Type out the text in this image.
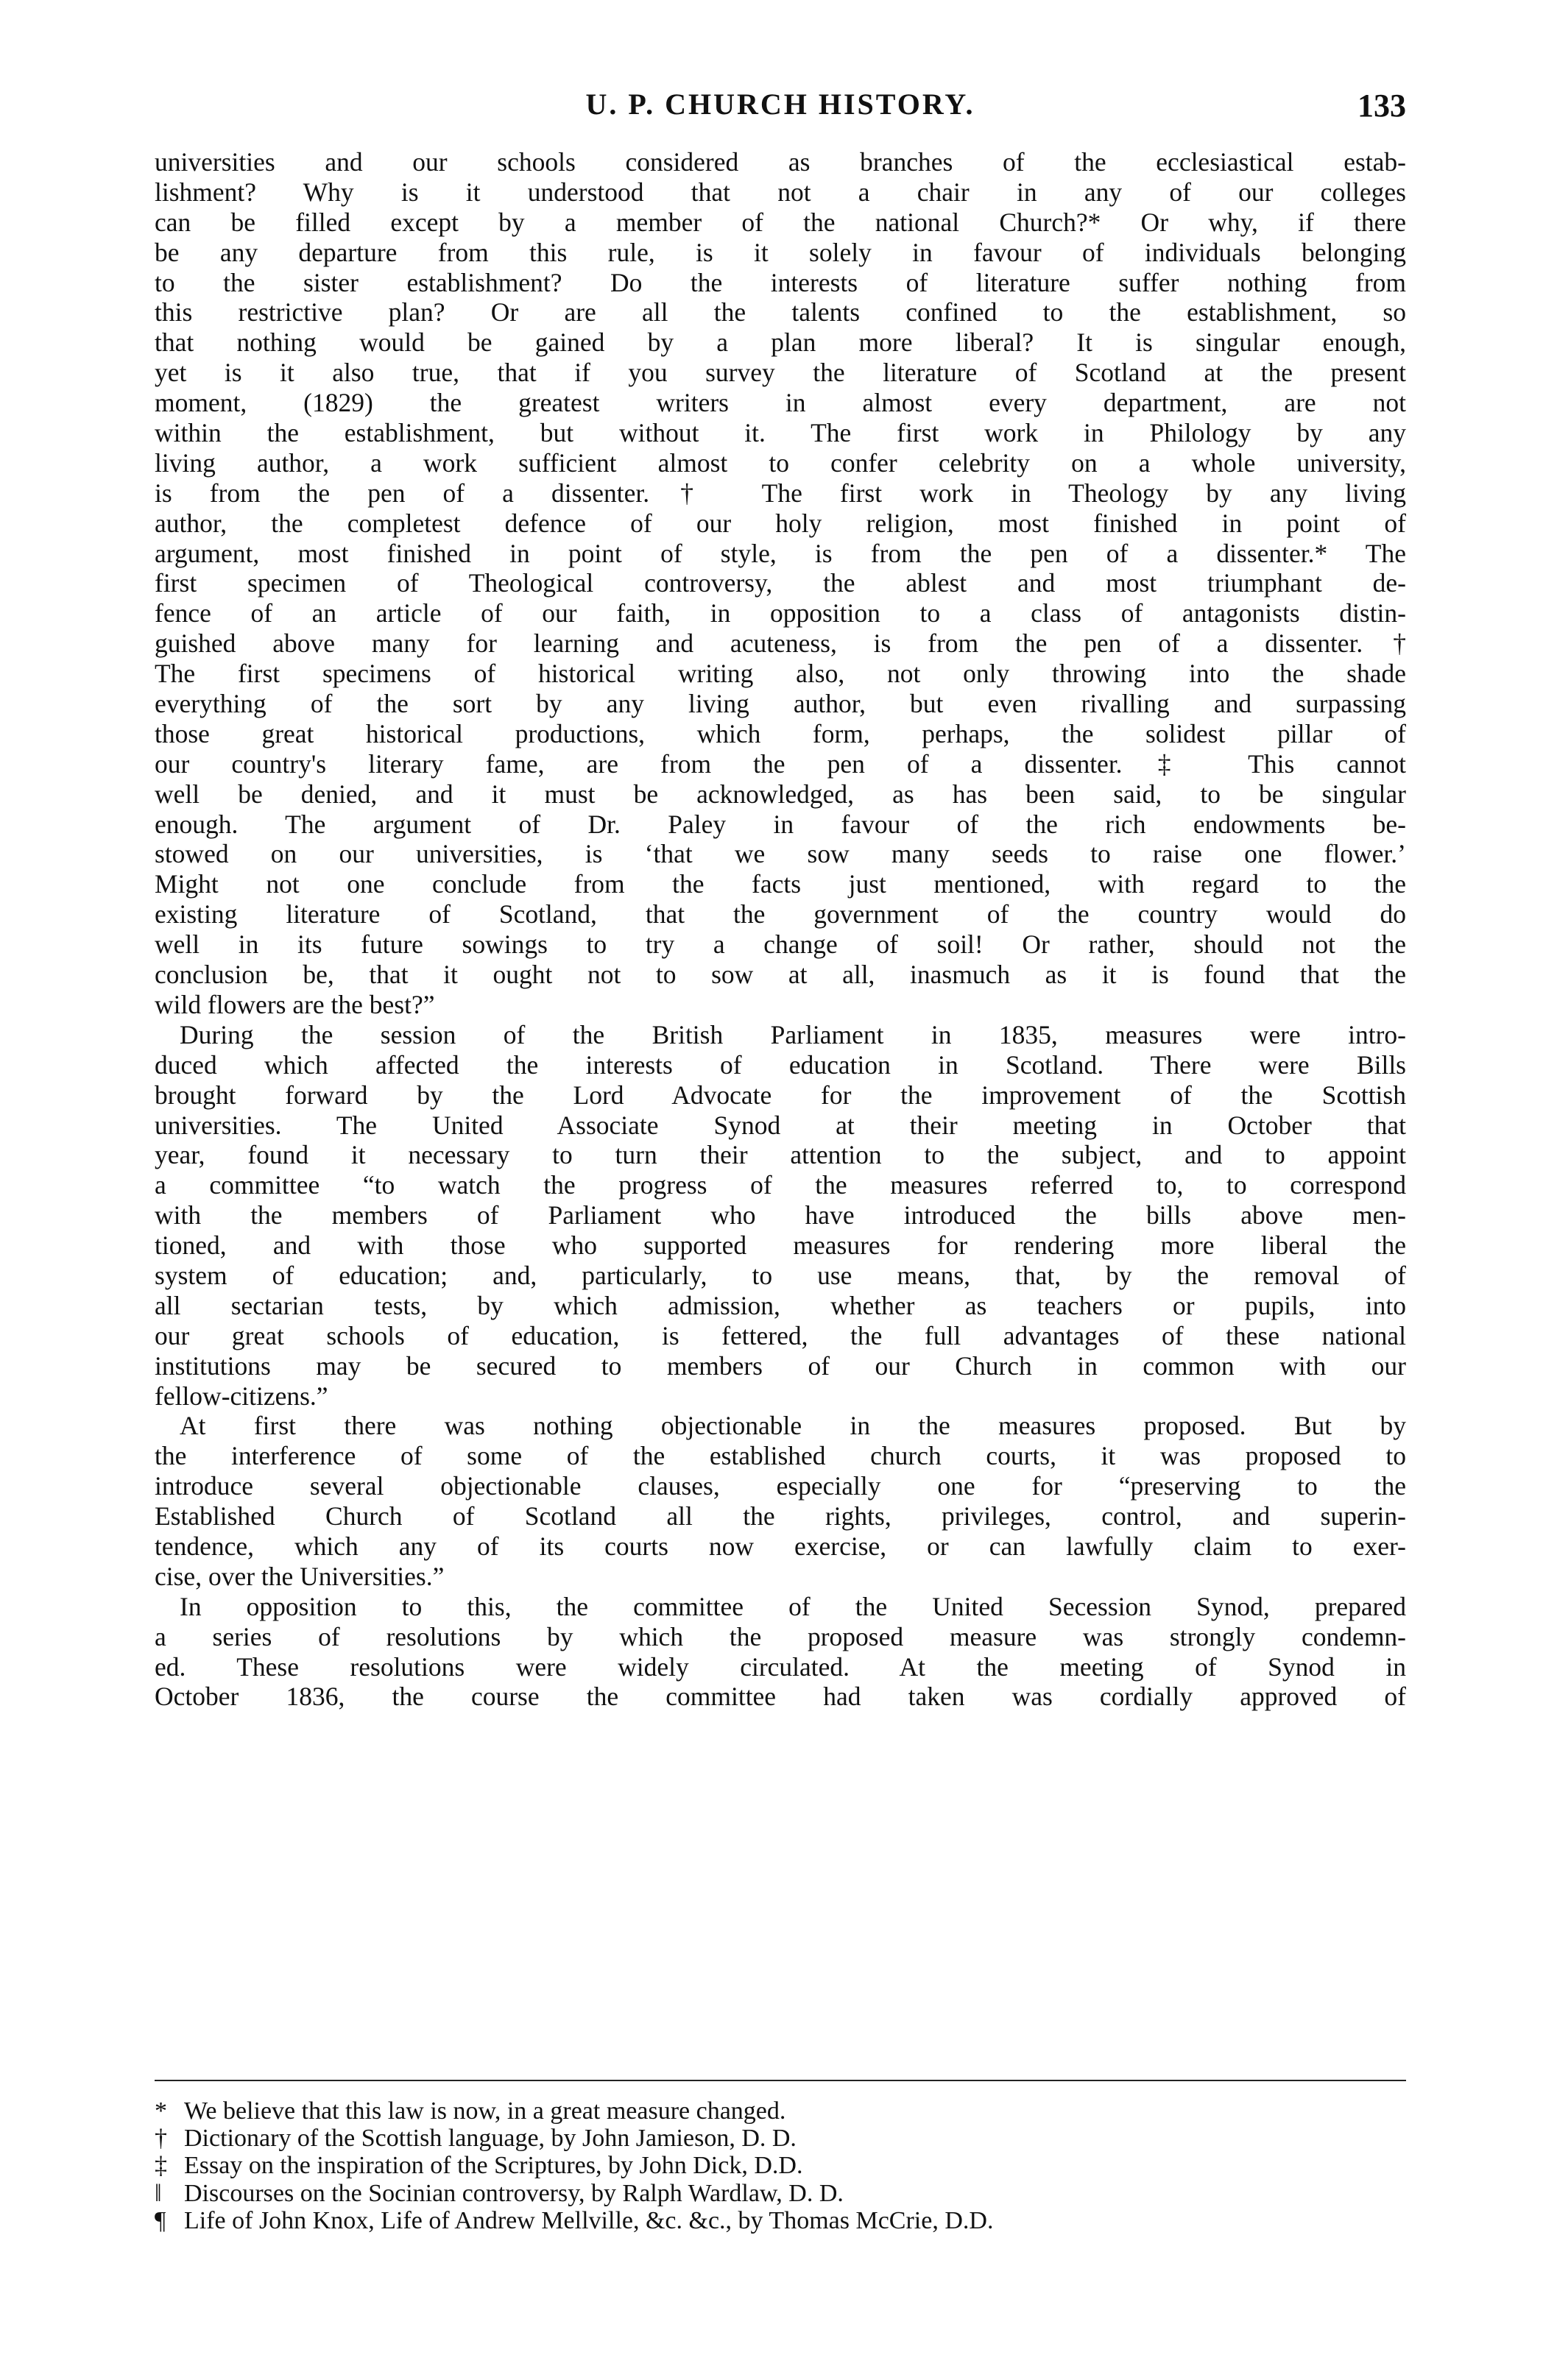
U. P. CHURCH HISTORY.	133
universities and our schools considered as branches of the ecclesiastical estab-
lishment? Why is it understood that not a chair in any of our colleges
can be filled except by a member of the national Church?* Or why, if there
be any departure from this rule, is it solely in favour of individuals belonging
to the sister establishment? Do the interests of literature suffer nothing from
this restrictive plan? Or are all the talents confined to the establishment, so
that nothing would be gained by a plan more liberal? It is singular enough,
yet is it also true, that if you survey the literature of Scotland at the present
moment, (1829) the greatest writers in almost every department, are not
within the establishment, but without it. The first work in Philology by any
living author, a work sufficient almost to confer celebrity on a whole university,
is from the pen of a dissenter.† The first work in Theology by any living
author, the completest defence of our holy religion, most finished in point of
argument, most finished in point of style, is from the pen of a dissenter.* The
first specimen of Theological controversy, the ablest and most triumphant de-
fence of an article of our faith, in opposition to a class of antagonists distin-
guished above many for learning and acuteness, is from the pen of a dissenter.†
The first specimens of historical writing also, not only throwing into the shade
everything of the sort by any living author, but even rivalling and surpassing
those great historical productions, which form, perhaps, the solidest pillar of
our country's literary fame, are from the pen of a dissenter.‡ This cannot
well be denied, and it must be acknowledged, as has been said, to be singular
enough. The argument of Dr. Paley in favour of the rich endowments be-
stowed on our universities, is ‘that we sow many seeds to raise one flower.’
Might not one conclude from the facts just mentioned, with regard to the
existing literature of Scotland, that the government of the country would do
well in its future sowings to try a change of soil! Or rather, should not the
conclusion be, that it ought not to sow at all, inasmuch as it is found that the
wild flowers are the best?”
During the session of the British Parliament in 1835, measures were intro-
duced which affected the interests of education in Scotland. There were Bills
brought forward by the Lord Advocate for the improvement of the Scottish
universities. The United Associate Synod at their meeting in October that
year, found it necessary to turn their attention to the subject, and to appoint
a committee “to watch the progress of the measures referred to, to correspond
with the members of Parliament who have introduced the bills above men-
tioned, and with those who supported measures for rendering more liberal the
system of education; and, particularly, to use means, that, by the removal of
all sectarian tests, by which admission, whether as teachers or pupils, into
our great schools of education, is fettered, the full advantages of these national
institutions may be secured to members of our Church in common with our
fellow-citizens.”
At first there was nothing objectionable in the measures proposed. But by
the interference of some of the established church courts, it was proposed to
introduce several objectionable clauses, especially one for “preserving to the
Established Church of Scotland all the rights, privileges, control, and superin-
tendence, which any of its courts now exercise, or can lawfully claim to exer-
cise, over the Universities.”
In opposition to this, the committee of the United Secession Synod, prepared
a series of resolutions by which the proposed measure was strongly condemn-
ed. These resolutions were widely circulated. At the meeting of Synod in
October 1836, the course the committee had taken was cordially approved of
* We believe that this law is now, in a great measure changed.
† Dictionary of the Scottish language, by John Jamieson, D. D.
‡ Essay on the inspiration of the Scriptures, by John Dick, D.D.
‖ Discourses on the Socinian controversy, by Ralph Wardlaw, D. D.
¶ Life of John Knox, Life of Andrew Mellville, &c. &c., by Thomas McCrie, D.D.
